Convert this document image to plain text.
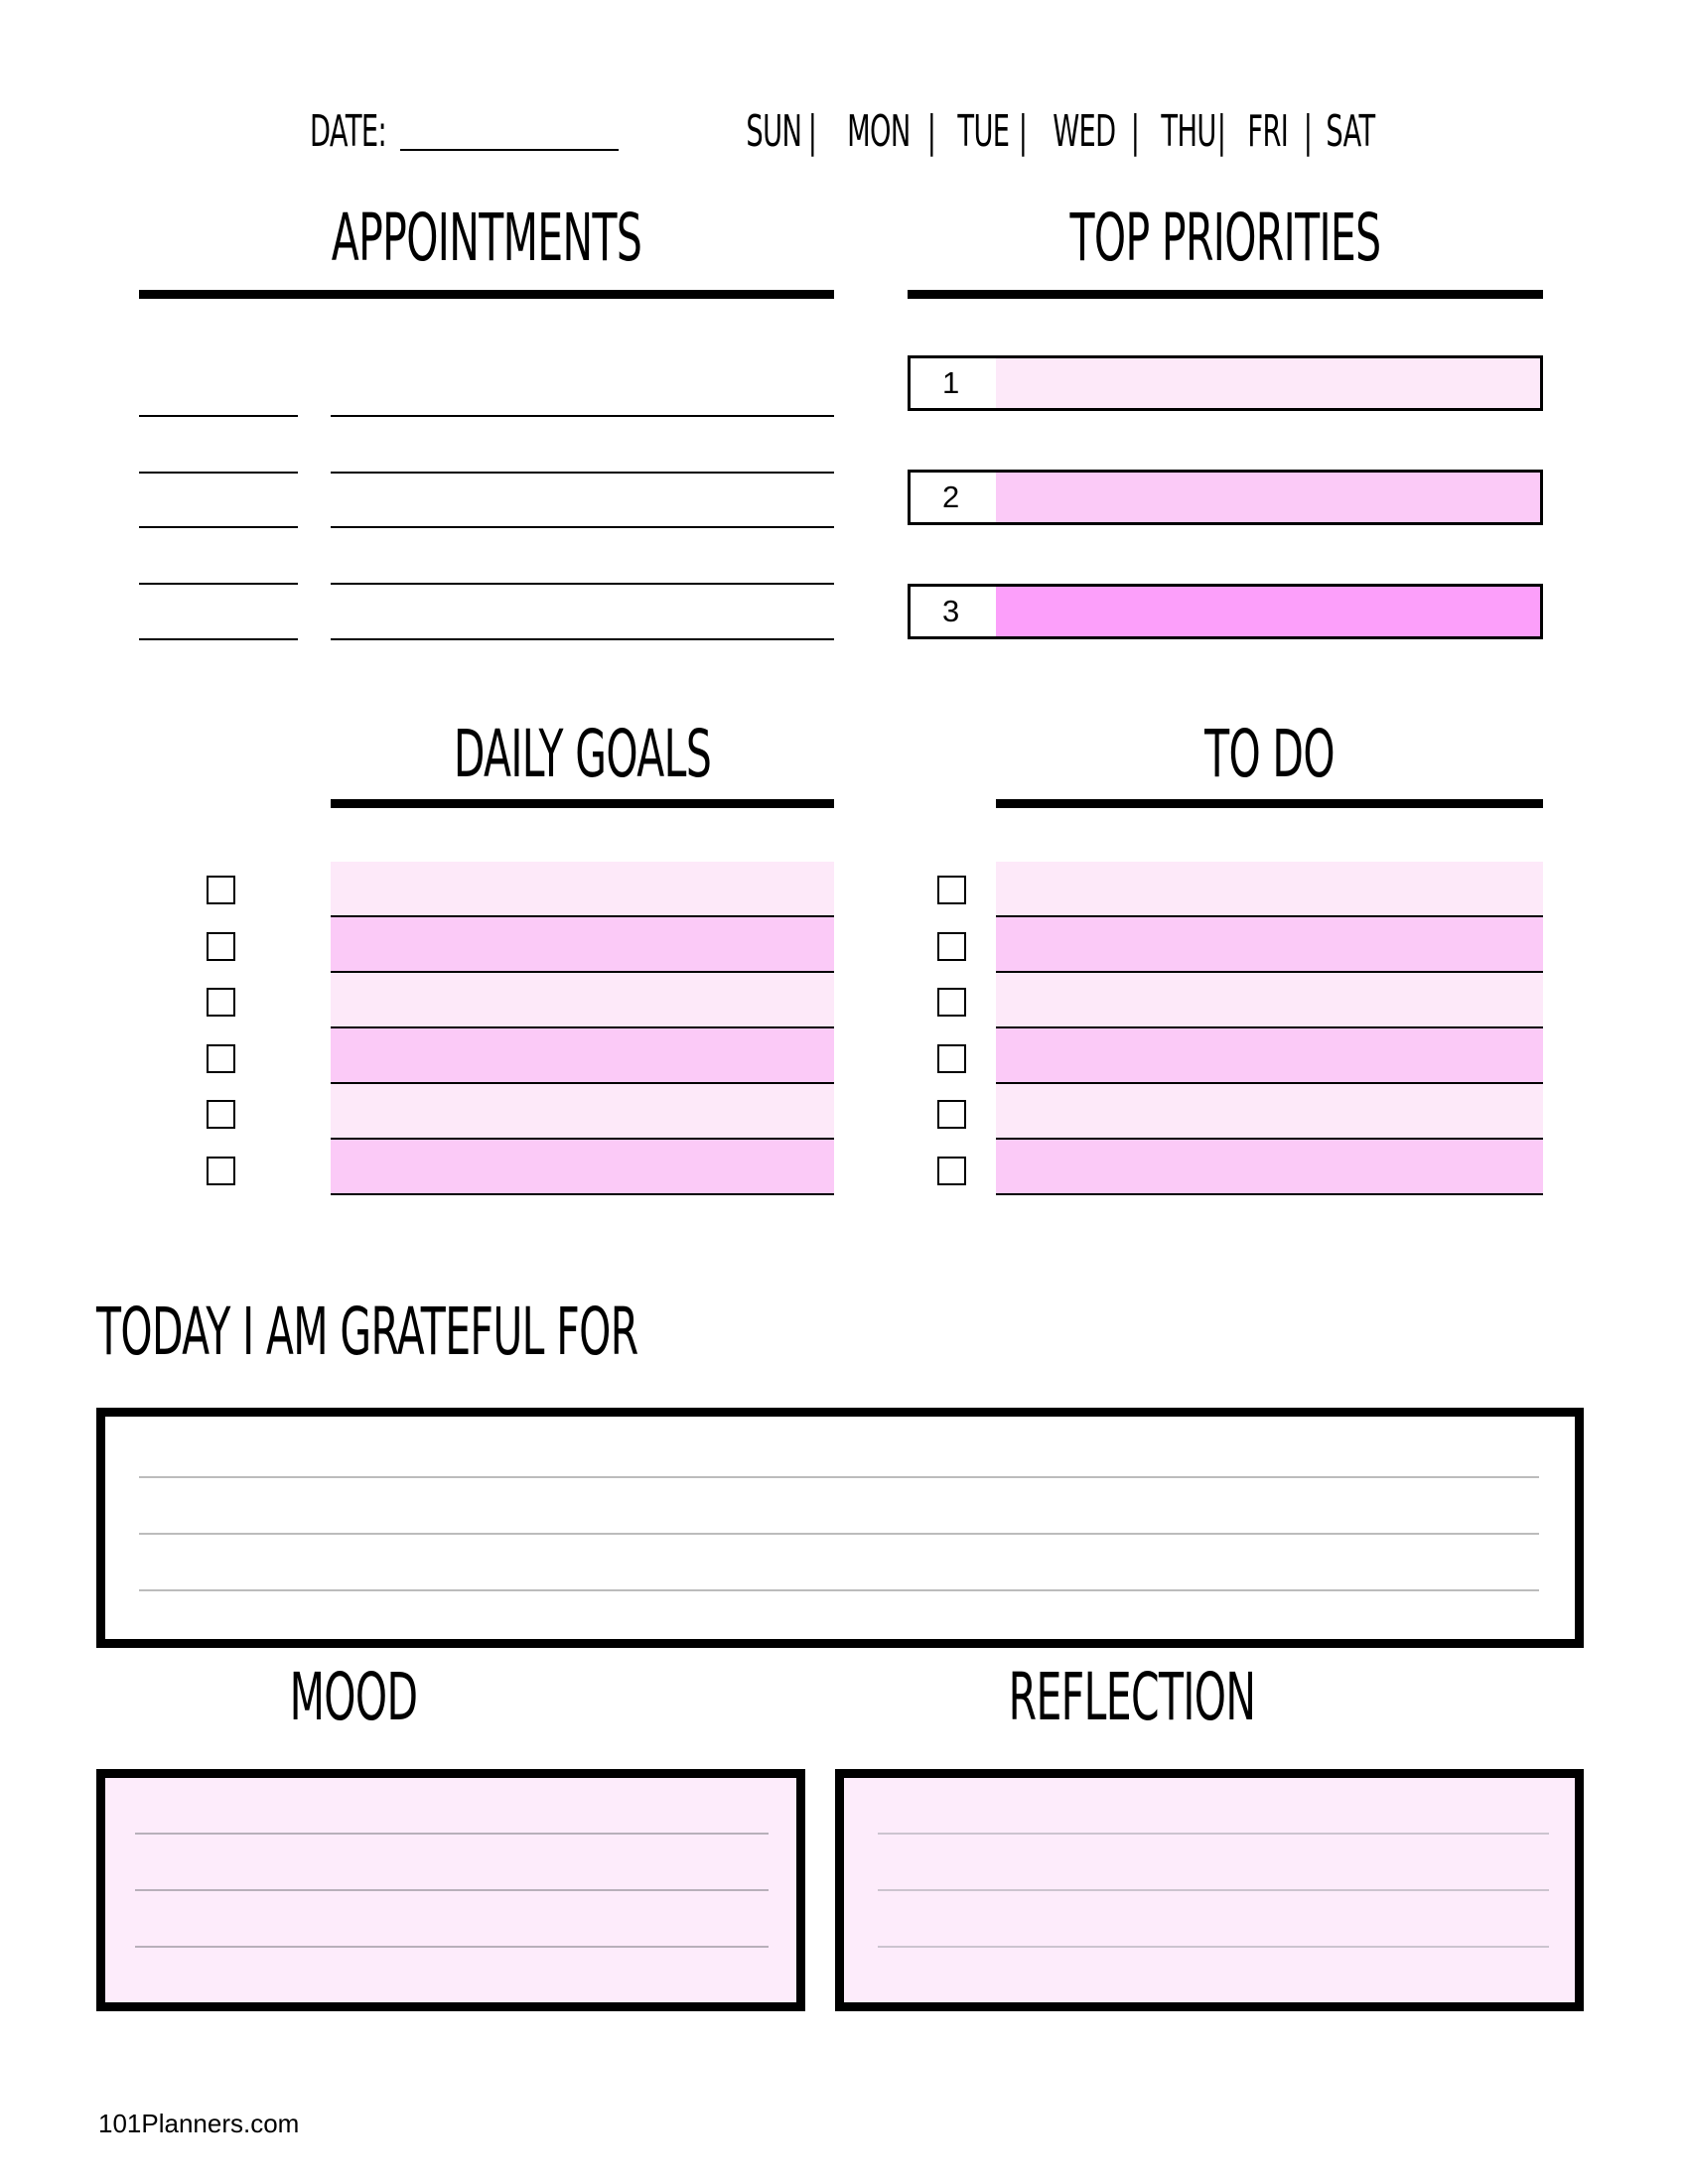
DATE:	SUN | MON | TUE | WED | THU | FRI | SAT
APPOINTMENTS	TOP PRIORITIES
1
2
3
DAILY GOALS	TO DO
TODAY I AM GRATEFUL FOR
MOOD	REFLECTION
101Planners.com
